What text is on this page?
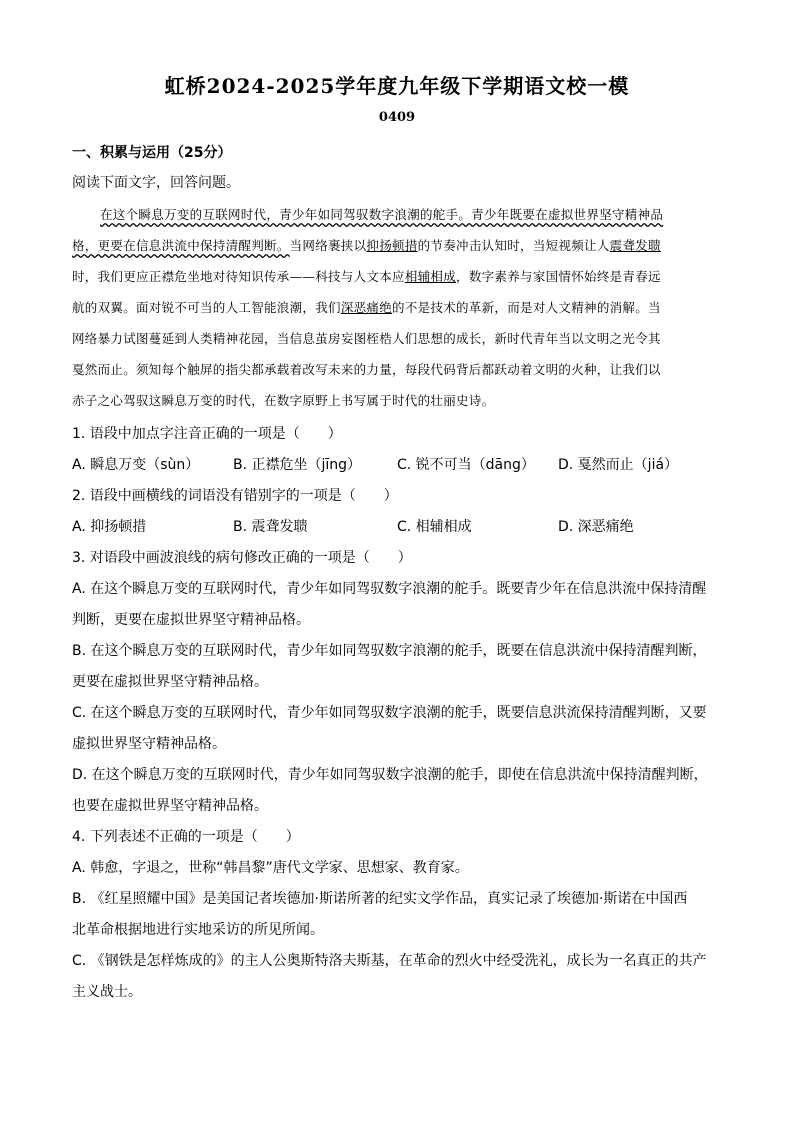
虹桥2024-2025学年度九年级下学期语文校一模
0409
一、积累与运用（25分）
阅读下面文字，回答问题。
在这个瞬息万变的互联网时代，青少年如同驾驭数字浪潮的舵手。青少年既要在虚拟世界坚守精神品
格，更要在信息洪流中保持清醒判断。当网络裹挟以抑扬顿措的节奏冲击认知时，当短视频让人震聋发聩
时，我们更应正襟危坐地对待知识传承——科技与人文本应相辅相成，数字素养与家国情怀始终是青春远
航的双翼。面对锐不可当的人工智能浪潮，我们深恶痛绝的不是技术的革新，而是对人文精神的消解。当
网络暴力试图蔓延到人类精神花园，当信息茧房妄图桎梏人们思想的成长，新时代青年当以文明之光令其
戛然而止。须知每个触屏的指尖都承载着改写未来的力量，每段代码背后都跃动着文明的火种，让我们以
赤子之心驾驭这瞬息万变的时代，在数字原野上书写属于时代的壮丽史诗。
1. 语段中加点字注音正确的一项是（　　）
A. 瞬息万变（sùn） B. 正襟危坐（jīng）	C. 锐不可当（dāng） D. 戛然而止（jiá）
2. 语段中画横线的词语没有错别字的一项是（　　）
A. 抑扬顿措	B. 震聋发聩	C. 相辅相成	D. 深恶痛绝
3. 对语段中画波浪线的病句修改正确的一项是（　　）
A. 在这个瞬息万变的互联网时代，青少年如同驾驭数字浪潮的舵手。既要青少年在信息洪流中保持清醒
判断，更要在虚拟世界坚守精神品格。
B. 在这个瞬息万变的互联网时代，青少年如同驾驭数字浪潮的舵手，既要在信息洪流中保持清醒判断，
更要在虚拟世界坚守精神品格。
C. 在这个瞬息万变的互联网时代，青少年如同驾驭数字浪潮的舵手，既要信息洪流保持清醒判断，又要
虚拟世界坚守精神品格。
D. 在这个瞬息万变的互联网时代，青少年如同驾驭数字浪潮的舵手，即使在信息洪流中保持清醒判断，
也要在虚拟世界坚守精神品格。
4. 下列表述不正确的一项是（　　）
A. 韩愈，字退之，世称“韩昌黎”唐代文学家、思想家、教育家。
B. 《红星照耀中国》是美国记者埃德加·斯诺所著的纪实文学作品，真实记录了埃德加·斯诺在中国西
北革命根据地进行实地采访的所见所闻。
C. 《钢铁是怎样炼成的》的主人公奥斯特洛夫斯基，在革命的烈火中经受洗礼，成长为一名真正的共产
主义战士。
